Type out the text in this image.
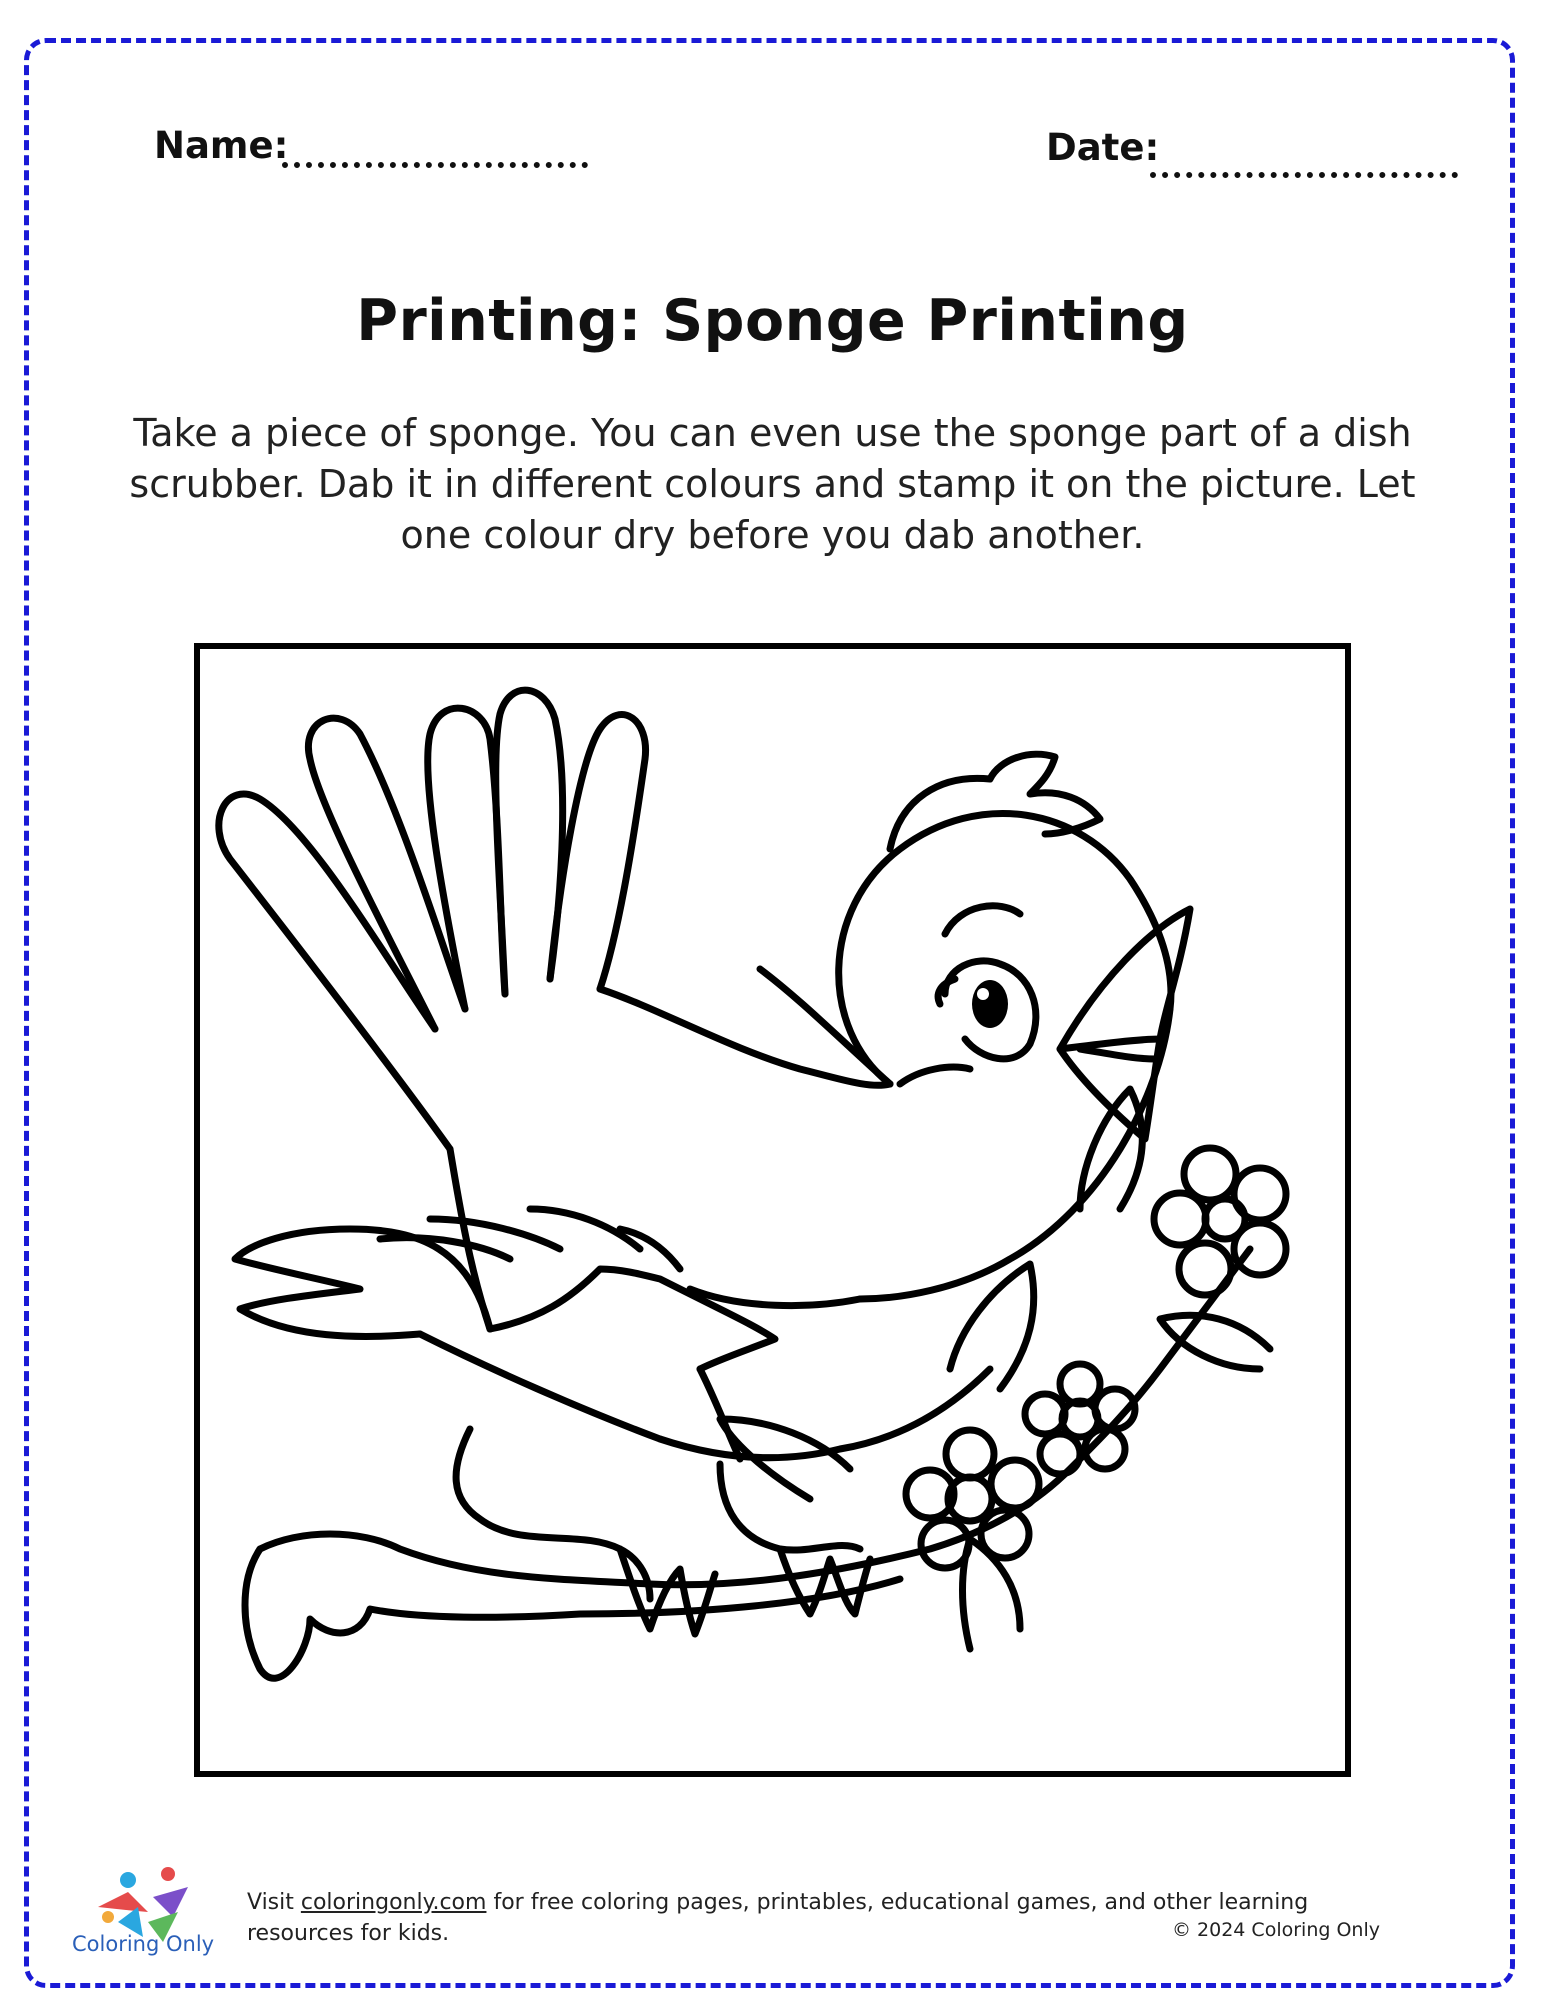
Name:	Date:
Printing: Sponge Printing
Take a piece of sponge. You can even use the sponge part of a dish scrubber. Dab it in different colours and stamp it on the picture. Let one colour dry before you dab another.
Coloring Only
Visit coloringonly.com for free coloring pages, printables, educational games, and other learning resources for kids.	© 2024 Coloring Only
